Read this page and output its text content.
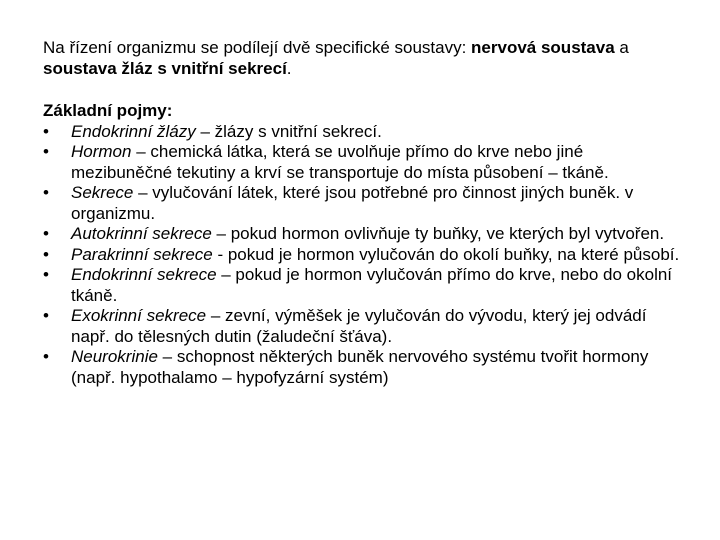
Na řízení organizmu se podílejí dvě specifické soustavy: nervová soustava a soustava žláz s vnitřní sekrecí.

Základní pojmy:

• Endokrinní žlázy – žlázy s vnitřní sekrecí.
• Hormon – chemická látka, která se uvolňuje přímo do krve nebo jiné mezibuněčné tekutiny a krví se transportuje do místa působení – tkáně.
• Sekrece – vylučování látek, které jsou potřebné pro činnost jiných buněk. v organizmu.
• Autokrinní sekrece – pokud hormon ovlivňuje ty buňky, ve kterých byl vytvořen.
• Parakrinní sekrece - pokud je hormon vylučován do okolí buňky, na které působí.
• Endokrinní sekrece – pokud je hormon vylučován přímo do krve, nebo do okolní tkáně.
• Exokrinní sekrece – zevní, výměšek je vylučován do vývodu, který jej odvádí např. do tělesných dutin (žaludeční šťáva).
• Neurokrinie – schopnost některých buněk nervového systému tvořit hormony (např. hypothalamo – hypofyzární systém)
